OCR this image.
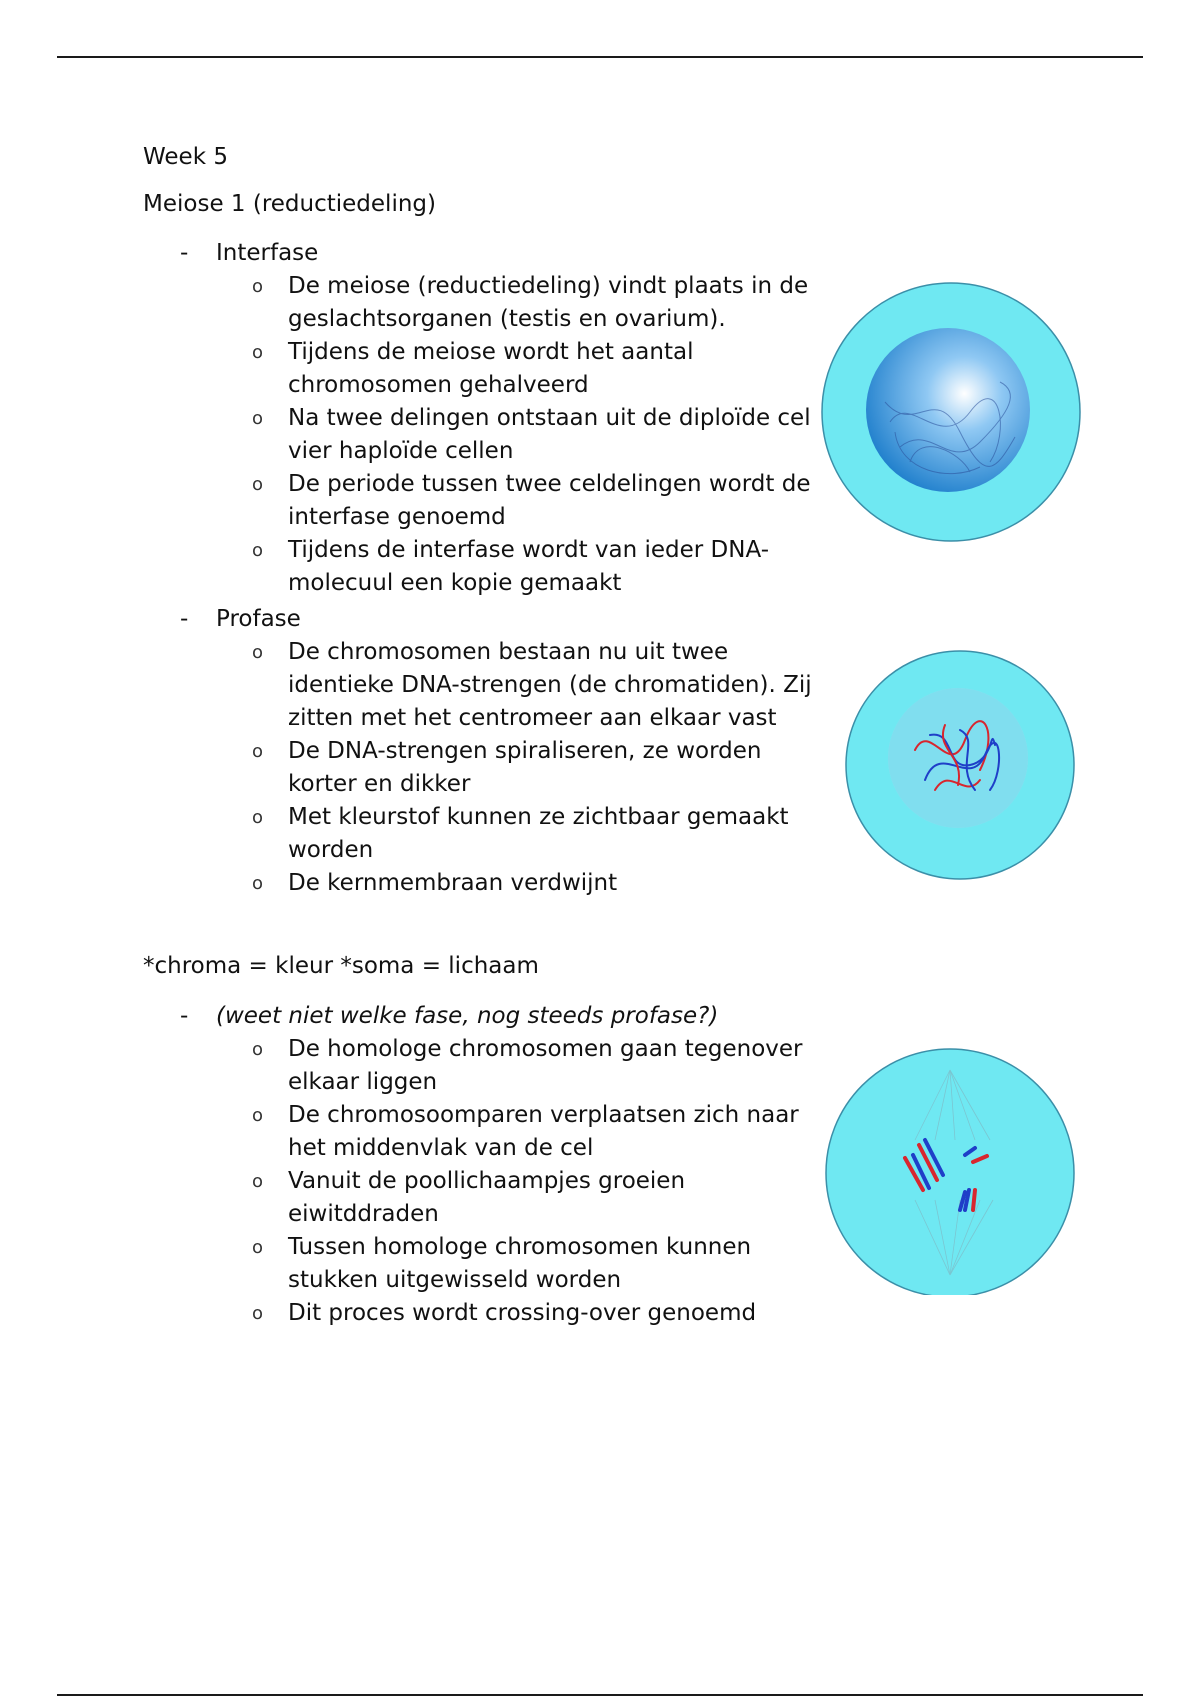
Week 5

Meiose 1 (reductiedeling)

- Interfase
o De meiose (reductiedeling) vindt plaats in de geslachtsorganen (testis en ovarium).
o Tijdens de meiose wordt het aantal chromosomen gehalveerd
o Na twee delingen ontstaan uit de diploïde cel vier haploïde cellen
o De periode tussen twee celdelingen wordt de interfase genoemd
o Tijdens de interfase wordt van ieder DNA-molecuul een kopie gemaakt
- Profase
o De chromosomen bestaan nu uit twee identieke DNA-strengen (de chromatiden). Zij zitten met het centromeer aan elkaar vast
o De DNA-strengen spiraliseren, ze worden korter en dikker
o Met kleurstof kunnen ze zichtbaar gemaakt worden
o De kernmembraan verdwijnt

*chroma = kleur *soma = lichaam

- (weet niet welke fase, nog steeds profase?)
o De homologe chromosomen gaan tegenover elkaar liggen
o De chromosoomparen verplaatsen zich naar het middenvlak van de cel
o Vanuit de poollichaampjes groeien eiwitddraden
o Tussen homologe chromosomen kunnen stukken uitgewisseld worden
o Dit proces wordt crossing-over genoemd
